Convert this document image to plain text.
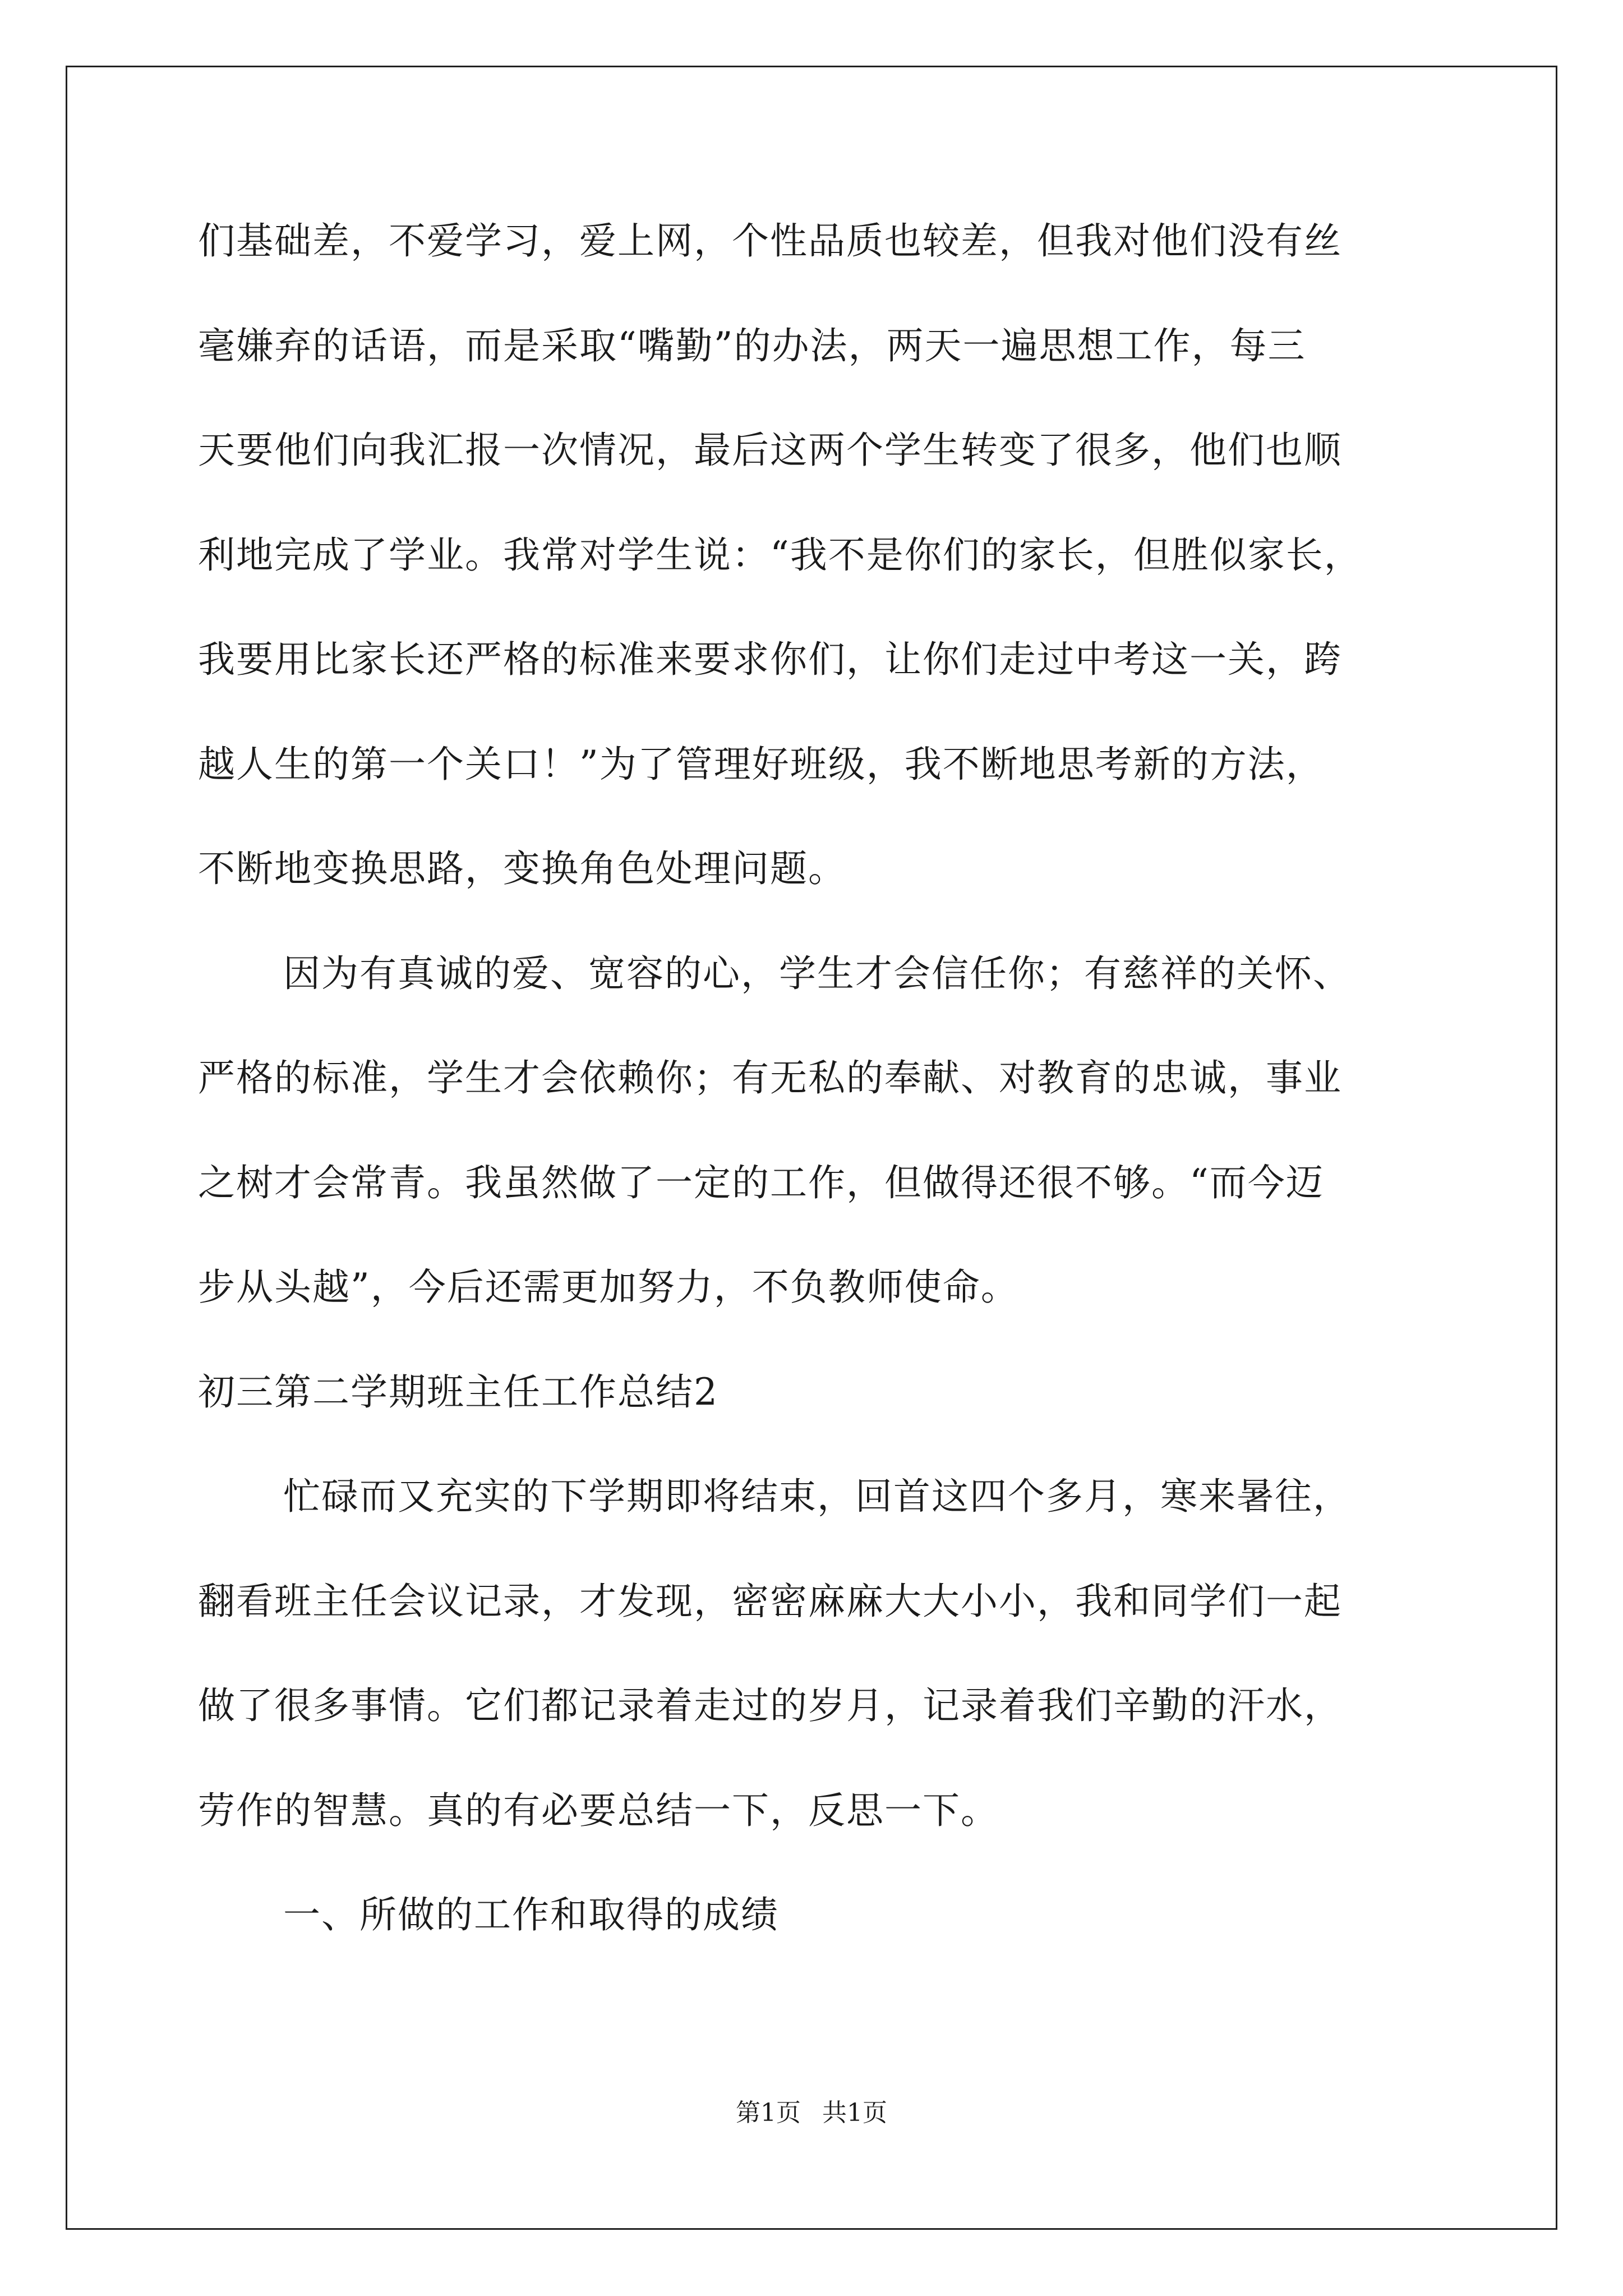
们基础差，不爱学习，爱上网，个性品质也较差，但我对他们没有丝
毫嫌弃的话语，而是采取“嘴勤”的办法，两天一遍思想工作，每三
天要他们向我汇报一次情况，最后这两个学生转变了很多，他们也顺
利地完成了学业。我常对学生说：“我不是你们的家长，但胜似家长，
我要用比家长还严格的标准来要求你们，让你们走过中考这一关，跨
越人生的第一个关口！”为了管理好班级，我不断地思考新的方法，
不断地变换思路，变换角色处理问题。
因为有真诚的爱、宽容的心，学生才会信任你；有慈祥的关怀、
严格的标准，学生才会依赖你；有无私的奉献、对教育的忠诚，事业
之树才会常青。我虽然做了一定的工作，但做得还很不够。“而今迈
步从头越”，今后还需更加努力，不负教师使命。
初三第二学期班主任工作总结2
忙碌而又充实的下学期即将结束，回首这四个多月，寒来暑往，
翻看班主任会议记录，才发现，密密麻麻大大小小，我和同学们一起
做了很多事情。它们都记录着走过的岁月，记录着我们辛勤的汗水，
劳作的智慧。真的有必要总结一下，反思一下。
一、所做的工作和取得的成绩
第1页 共1页
